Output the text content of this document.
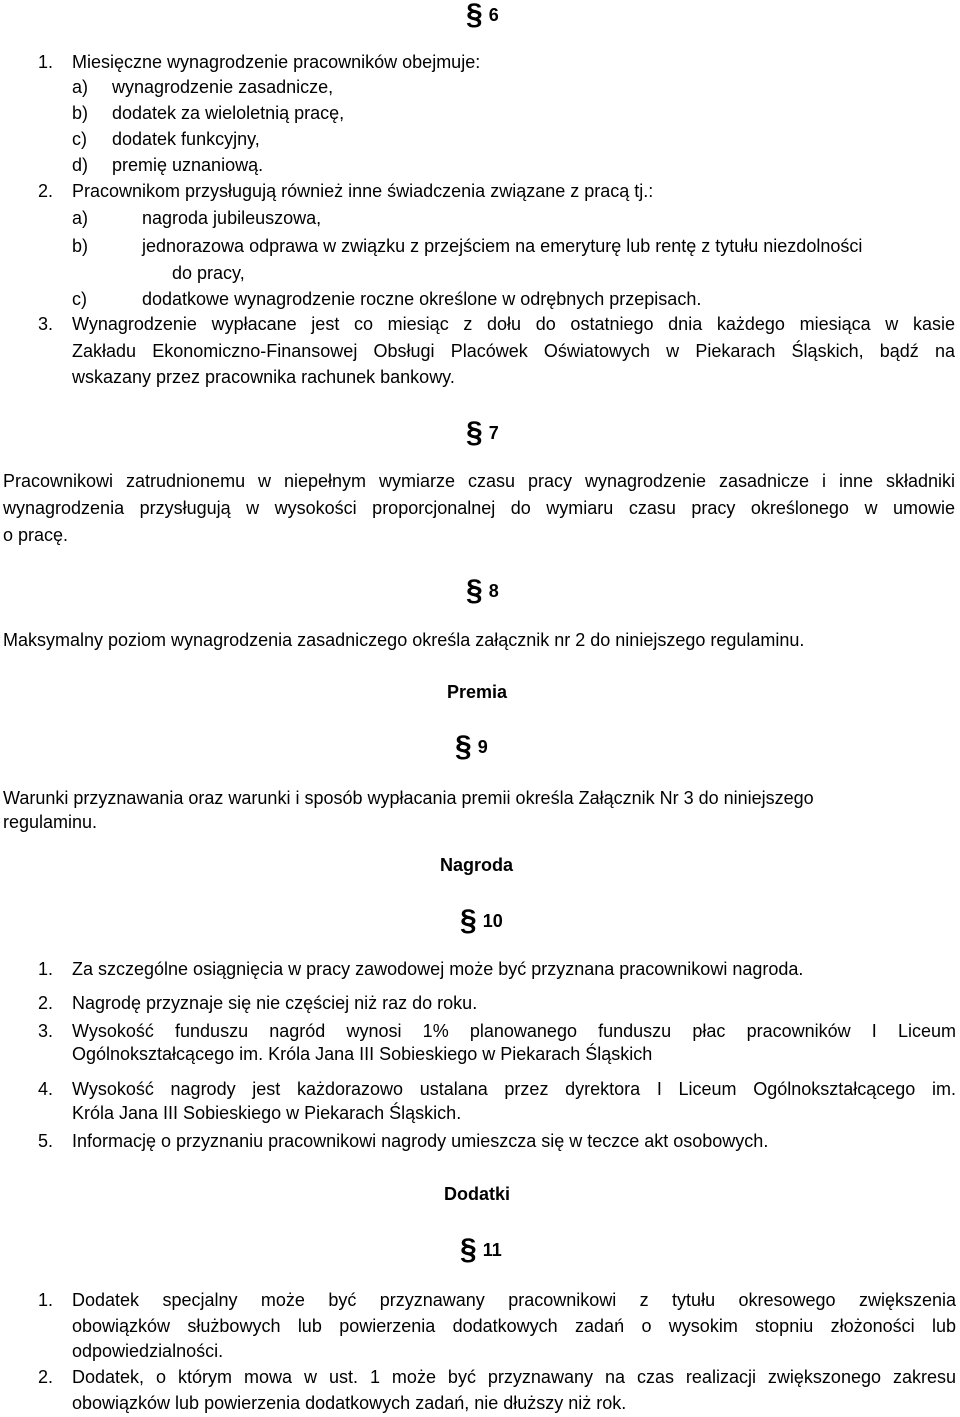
§ 6
1. Miesięczne wynagrodzenie pracowników obejmuje:
a) wynagrodzenie zasadnicze,
b) dodatek za wieloletnią pracę,
c) dodatek funkcyjny,
d) premię uznaniową.
2. Pracownikom przysługują również inne świadczenia związane z pracą tj.:
a)	nagroda jubileuszowa,
b)	jednorazowa odprawa w związku z przejściem na emeryturę lub rentę z tytułu niezdolności
do pracy,
c)	dodatkowe wynagrodzenie roczne określone w odrębnych przepisach.
3. Wynagrodzenie wypłacane jest co miesiąc z dołu do ostatniego dnia każdego miesiąca w kasie
Zakładu Ekonomiczno-Finansowej Obsługi Placówek Oświatowych w Piekarach Śląskich, bądź na
wskazany przez pracownika rachunek bankowy.
§ 7
Pracownikowi zatrudnionemu w niepełnym wymiarze czasu pracy wynagrodzenie zasadnicze i inne składniki
wynagrodzenia przysługują w wysokości proporcjonalnej do wymiaru czasu pracy określonego w umowie
o pracę.
§ 8
Maksymalny poziom wynagrodzenia zasadniczego określa załącznik nr 2 do niniejszego regulaminu.
Premia
§ 9
Warunki przyznawania oraz warunki i sposób wypłacania premii określa Załącznik Nr 3 do niniejszego
regulaminu.
Nagroda
§ 10
1. Za szczególne osiągnięcia w pracy zawodowej może być przyznana pracownikowi nagroda.
2. Nagrodę przyznaje się nie częściej niż raz do roku.
3. Wysokość funduszu nagród wynosi 1% planowanego funduszu płac pracowników I Liceum
Ogólnokształcącego im. Króla Jana III Sobieskiego w Piekarach Śląskich
4. Wysokość nagrody jest każdorazowo ustalana przez dyrektora I Liceum Ogólnokształcącego im.
Króla Jana III Sobieskiego w Piekarach Śląskich.
5. Informację o przyznaniu pracownikowi nagrody umieszcza się w teczce akt osobowych.
Dodatki
§ 11
1. Dodatek specjalny może być przyznawany pracownikowi z tytułu okresowego zwiększenia
obowiązków służbowych lub powierzenia dodatkowych zadań o wysokim stopniu złożoności lub
odpowiedzialności.
2. Dodatek, o którym mowa w ust. 1 może być przyznawany na czas realizacji zwiększonego zakresu
obowiązków lub powierzenia dodatkowych zadań, nie dłuższy niż rok.
